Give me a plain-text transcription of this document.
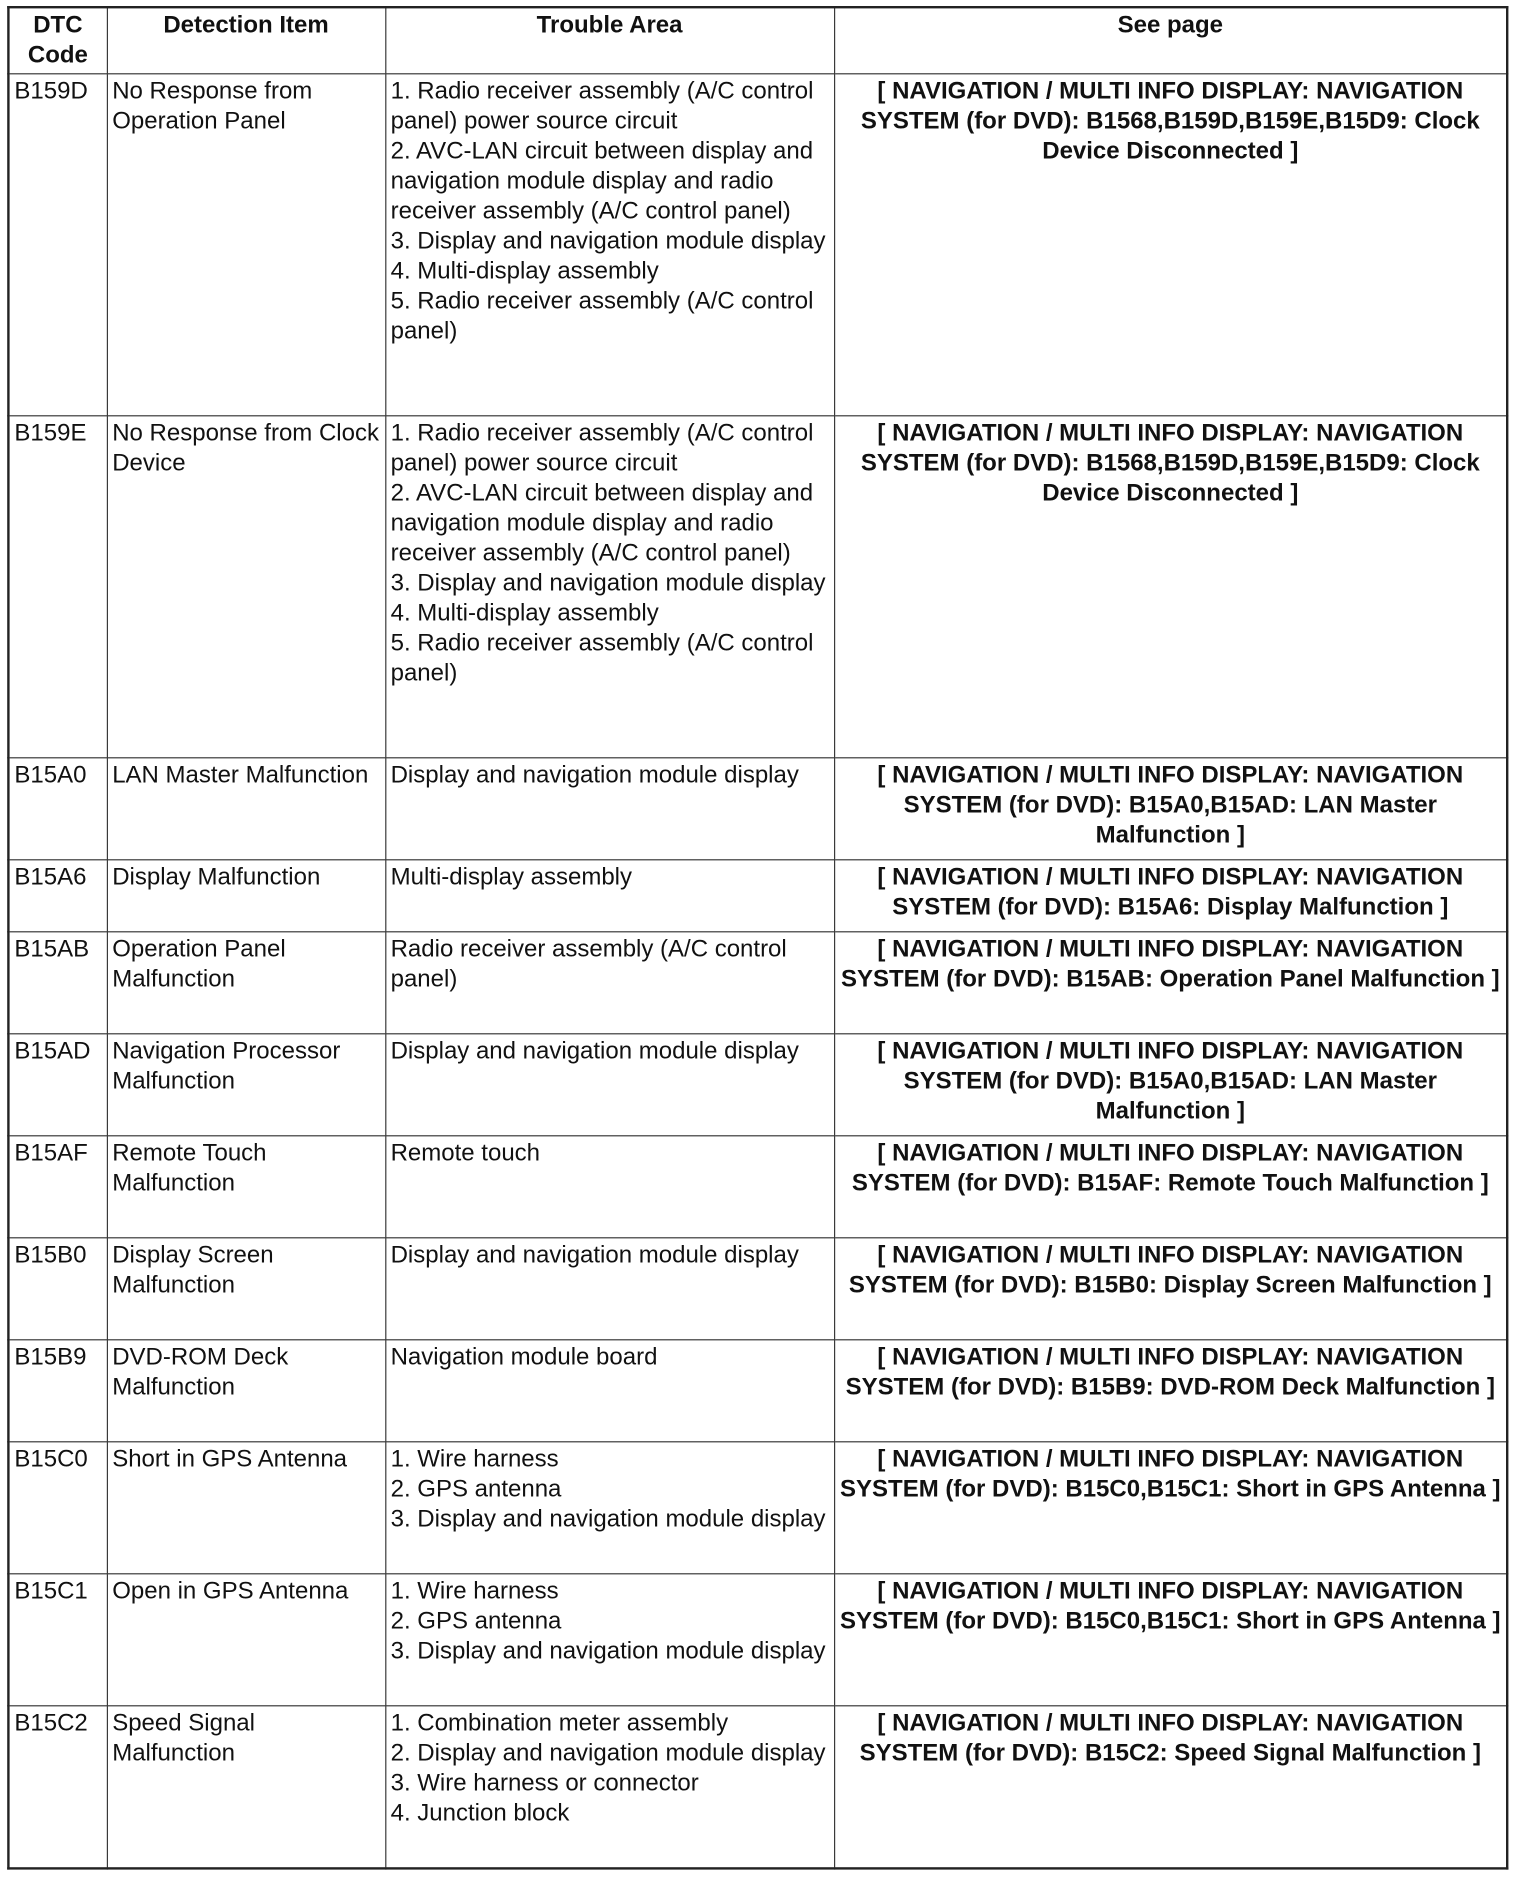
DTC Code	Detection Item	Trouble Area	See page
B159D	No Response from Operation Panel	1. Radio receiver assembly (A/C control panel) power source circuit
2. AVC-LAN circuit between display and navigation module display and radio receiver assembly (A/C control panel)
3. Display and navigation module display
4. Multi-display assembly
5. Radio receiver assembly (A/C control panel)	[ NAVIGATION / MULTI INFO DISPLAY: NAVIGATION SYSTEM (for DVD): B1568,B159D,B159E,B15D9: Clock Device Disconnected ]
B159E	No Response from Clock Device	1. Radio receiver assembly (A/C control panel) power source circuit
2. AVC-LAN circuit between display and navigation module display and radio receiver assembly (A/C control panel)
3. Display and navigation module display
4. Multi-display assembly
5. Radio receiver assembly (A/C control panel)	[ NAVIGATION / MULTI INFO DISPLAY: NAVIGATION SYSTEM (for DVD): B1568,B159D,B159E,B15D9: Clock Device Disconnected ]
B15A0	LAN Master Malfunction	Display and navigation module display	[ NAVIGATION / MULTI INFO DISPLAY: NAVIGATION SYSTEM (for DVD): B15A0,B15AD: LAN Master Malfunction ]
B15A6	Display Malfunction	Multi-display assembly	[ NAVIGATION / MULTI INFO DISPLAY: NAVIGATION SYSTEM (for DVD): B15A6: Display Malfunction ]
B15AB	Operation Panel Malfunction	Radio receiver assembly (A/C control panel)	[ NAVIGATION / MULTI INFO DISPLAY: NAVIGATION SYSTEM (for DVD): B15AB: Operation Panel Malfunction ]
B15AD	Navigation Processor Malfunction	Display and navigation module display	[ NAVIGATION / MULTI INFO DISPLAY: NAVIGATION SYSTEM (for DVD): B15A0,B15AD: LAN Master Malfunction ]
B15AF	Remote Touch Malfunction	Remote touch	[ NAVIGATION / MULTI INFO DISPLAY: NAVIGATION SYSTEM (for DVD): B15AF: Remote Touch Malfunction ]
B15B0	Display Screen Malfunction	Display and navigation module display	[ NAVIGATION / MULTI INFO DISPLAY: NAVIGATION SYSTEM (for DVD): B15B0: Display Screen Malfunction ]
B15B9	DVD-ROM Deck Malfunction	Navigation module board	[ NAVIGATION / MULTI INFO DISPLAY: NAVIGATION SYSTEM (for DVD): B15B9: DVD-ROM Deck Malfunction ]
B15C0	Short in GPS Antenna	1. Wire harness
2. GPS antenna
3. Display and navigation module display	[ NAVIGATION / MULTI INFO DISPLAY: NAVIGATION SYSTEM (for DVD): B15C0,B15C1: Short in GPS Antenna ]
B15C1	Open in GPS Antenna	1. Wire harness
2. GPS antenna
3. Display and navigation module display	[ NAVIGATION / MULTI INFO DISPLAY: NAVIGATION SYSTEM (for DVD): B15C0,B15C1: Short in GPS Antenna ]
B15C2	Speed Signal Malfunction	1. Combination meter assembly
2. Display and navigation module display
3. Wire harness or connector
4. Junction block	[ NAVIGATION / MULTI INFO DISPLAY: NAVIGATION SYSTEM (for DVD): B15C2: Speed Signal Malfunction ]
